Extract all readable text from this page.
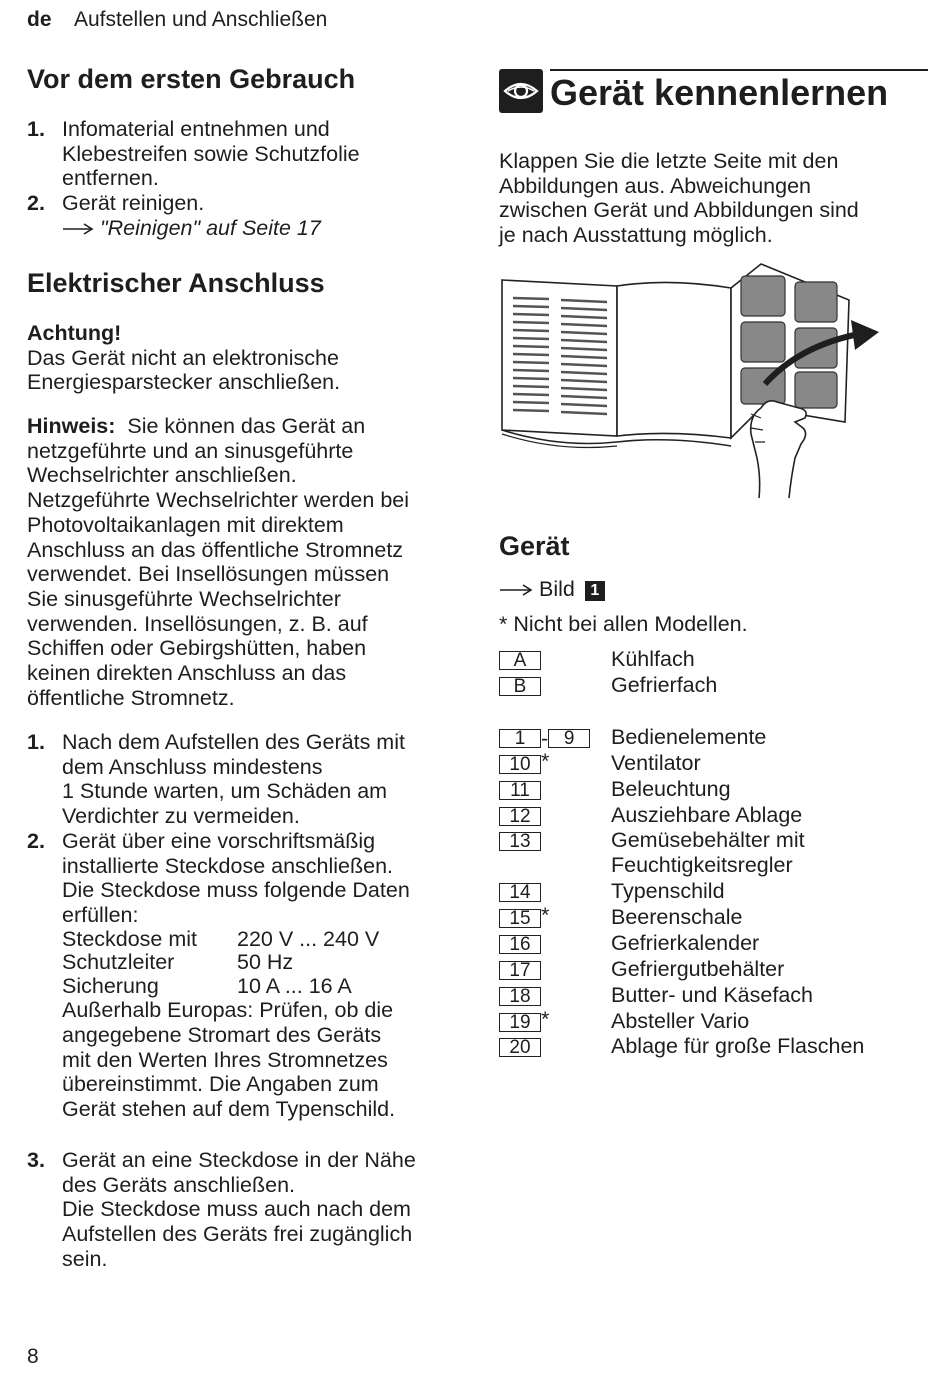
de Aufstellen und Anschließen
Vor dem ersten Gebrauch
1. Infomaterial entnehmen und
Klebestreifen sowie Schutzfolie
entfernen.
2. Gerät reinigen.
"Reinigen" auf Seite 17
Elektrischer Anschluss
Achtung!
Das Gerät nicht an elektronische
Energiesparstecker anschließen.
Hinweis: Sie können das Gerät an
netzgeführte und an sinusgeführte
Wechselrichter anschließen.
Netzgeführte Wechselrichter werden bei
Photovoltaikanlagen mit direktem
Anschluss an das öffentliche Stromnetz
verwendet. Bei Insellösungen müssen
Sie sinusgeführte Wechselrichter
verwenden. Insellösungen, z. B. auf
Schiffen oder Gebirgshütten, haben
keinen direkten Anschluss an das
öffentliche Stromnetz.
1. Nach dem Aufstellen des Geräts mit
dem Anschluss mindestens
1 Stunde warten, um Schäden am
Verdichter zu vermeiden.
2. Gerät über eine vorschriftsmäßig
installierte Steckdose anschließen.
Die Steckdose muss folgende Daten
erfüllen:
Steckdose mit	220 V ... 240 V
Schutzleiter	50 Hz
Sicherung	10 A ... 16 A
Außerhalb Europas: Prüfen, ob die
angegebene Stromart des Geräts
mit den Werten Ihres Stromnetzes
übereinstimmt. Die Angaben zum
Gerät stehen auf dem Typenschild.
3. Gerät an eine Steckdose in der Nähe
des Geräts anschließen.
Die Steckdose muss auch nach dem
Aufstellen des Geräts frei zugänglich
sein.
Gerät kennenlernen
Klappen Sie die letzte Seite mit den
Abbildungen aus. Abweichungen
zwischen Gerät und Abbildungen sind
je nach Ausstattung möglich.
Gerät
Bild 1
* Nicht bei allen Modellen.
A	Kühlfach
B	Gefrierfach
1 - 9 Bedienelemente
10 *	Ventilator
11	Beleuchtung
12	Ausziehbare Ablage
13	Gemüsebehälter mit
Feuchtigkeitsregler
14	Typenschild
15 *	Beerenschale
16	Gefrierkalender
17	Gefriergutbehälter
18	Butter- und Käsefach
19 *	Absteller Vario
20	Ablage für große Flaschen
8
